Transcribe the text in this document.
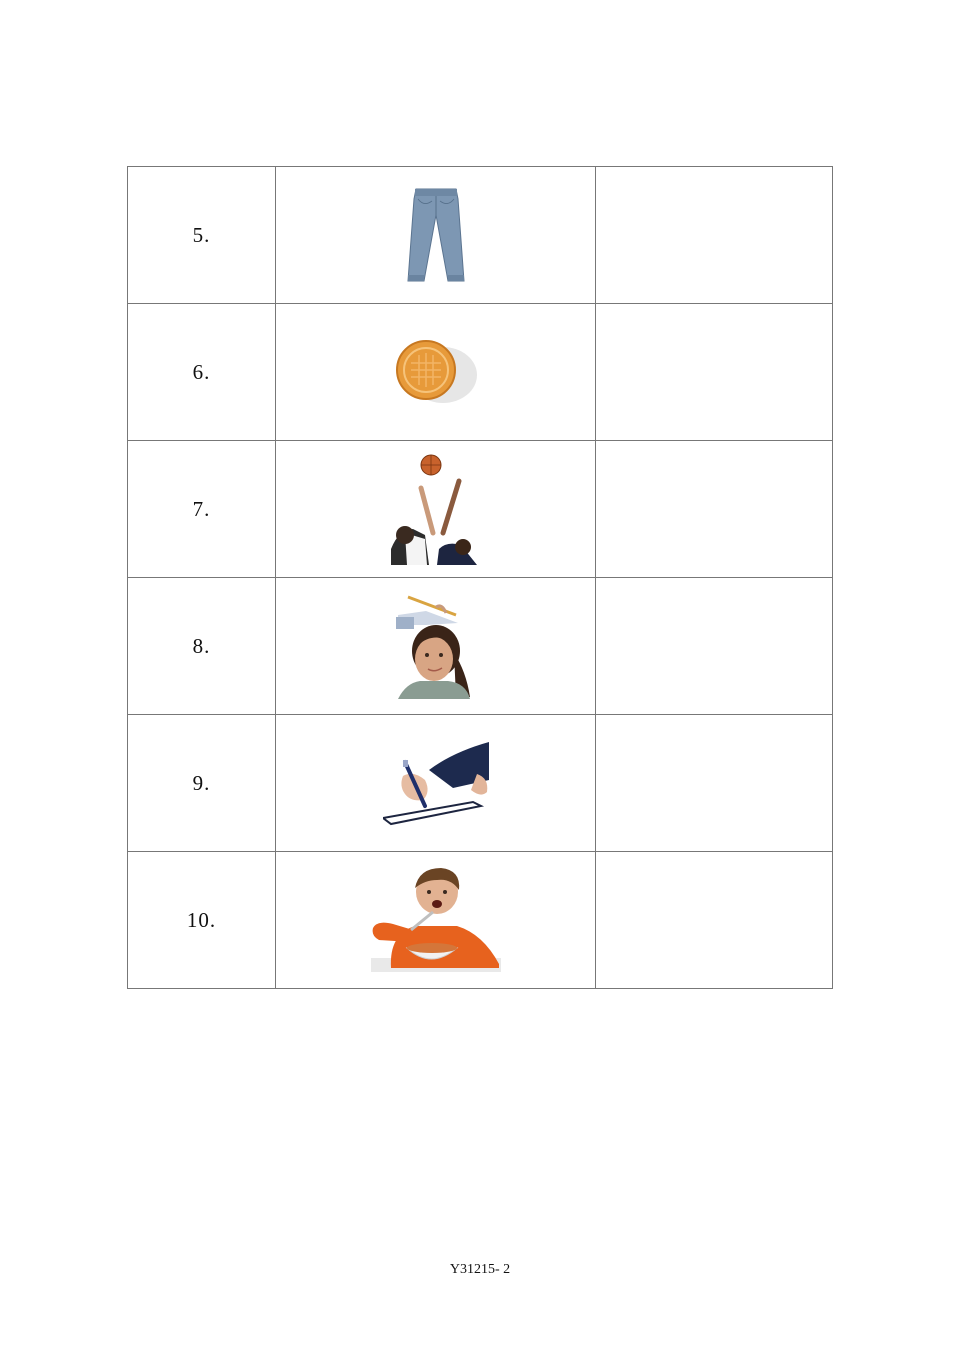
5.	

6.	

7.	

8.	

9.	

10.	

Y31215- 2
